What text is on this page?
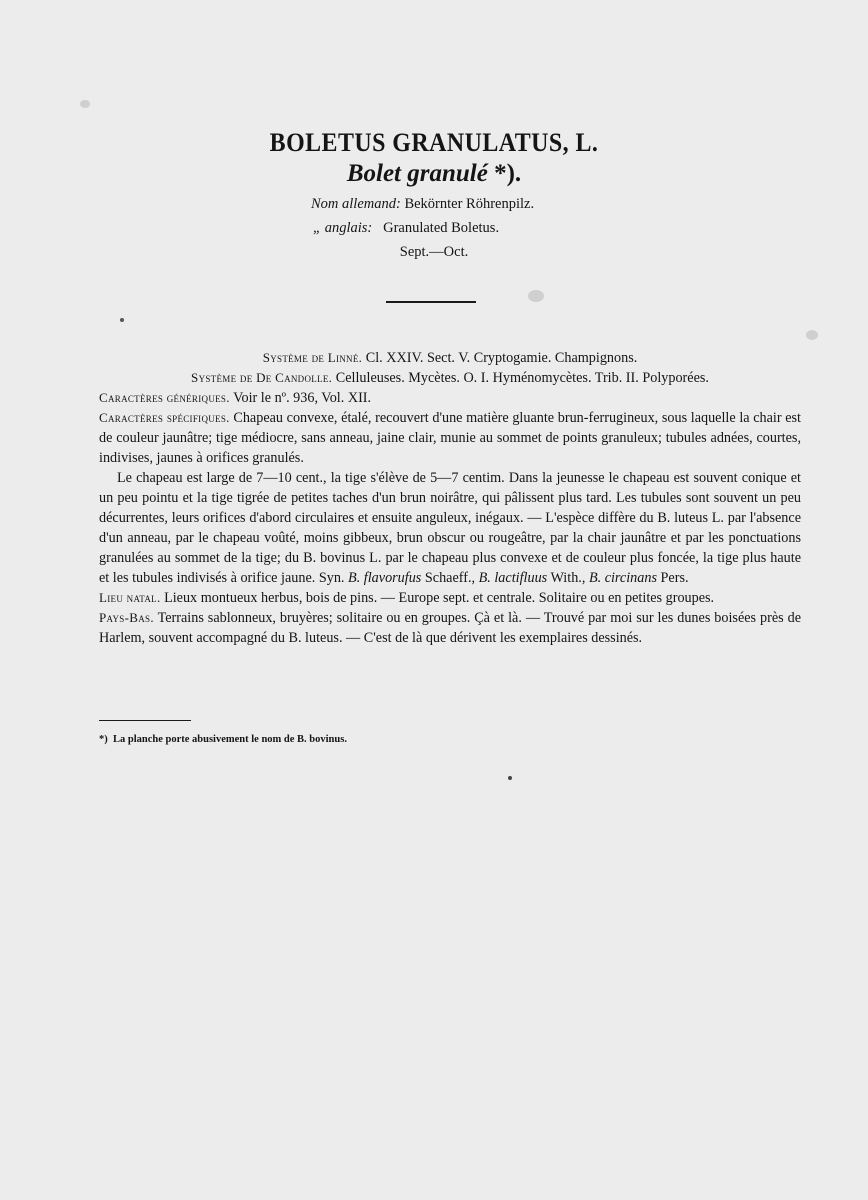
BOLETUS GRANULATUS, L.
Bolet granulé *).
Nom allemand: Bekörnter Röhrenpilz.
„ anglais: Granulated Boletus.
Sept.—Oct.

Système de Linné. Cl. XXIV. Sect. V. Cryptogamie. Champignons.

Système de De Candolle. Celluleuses. Mycètes. O. I. Hyménomycètes. Trib. II. Polyporées.

Caractères génériques. Voir le nº. 936, Vol. XII.

Caractères spécifiques. Chapeau convexe, étalé, recouvert d'une matière gluante brun-ferrugineux, sous laquelle la chair est de couleur jaunâtre; tige médiocre, sans anneau, jaine clair, munie au sommet de points granuleux; tubules adnées, courtes, indivises, jaunes à orifices granulés.

Le chapeau est large de 7—10 cent., la tige s'élève de 5—7 centim. Dans la jeunesse le chapeau est souvent conique et un peu pointu et la tige tigrée de petites taches d'un brun noirâtre, qui pâlissent plus tard. Les tubules sont souvent un peu décurrentes, leurs orifices d'abord circulaires et ensuite anguleux, inégaux. — L'espèce diffère du B. luteus L. par l'absence d'un anneau, par le chapeau voûté, moins gibbeux, brun obscur ou rougeâtre, par la chair jaunâtre et par les ponctuations granulées au sommet de la tige; du B. bovinus L. par le chapeau plus convexe et de couleur plus foncée, la tige plus haute et les tubules indivisés à orifice jaune. Syn. B. flavorufus Schaeff., B. lactifluus With., B. circinans Pers.

Lieu natal. Lieux montueux herbus, bois de pins. — Europe sept. et centrale. Solitaire ou en petites groupes.

Pays-Bas. Terrains sablonneux, bruyères; solitaire ou en groupes. Çà et là. — Trouvé par moi sur les dunes boisées près de Harlem, souvent accompagné du B. luteus. — C'est de là que dérivent les exemplaires dessinés.

*) La planche porte abusivement le nom de B. bovinus.
